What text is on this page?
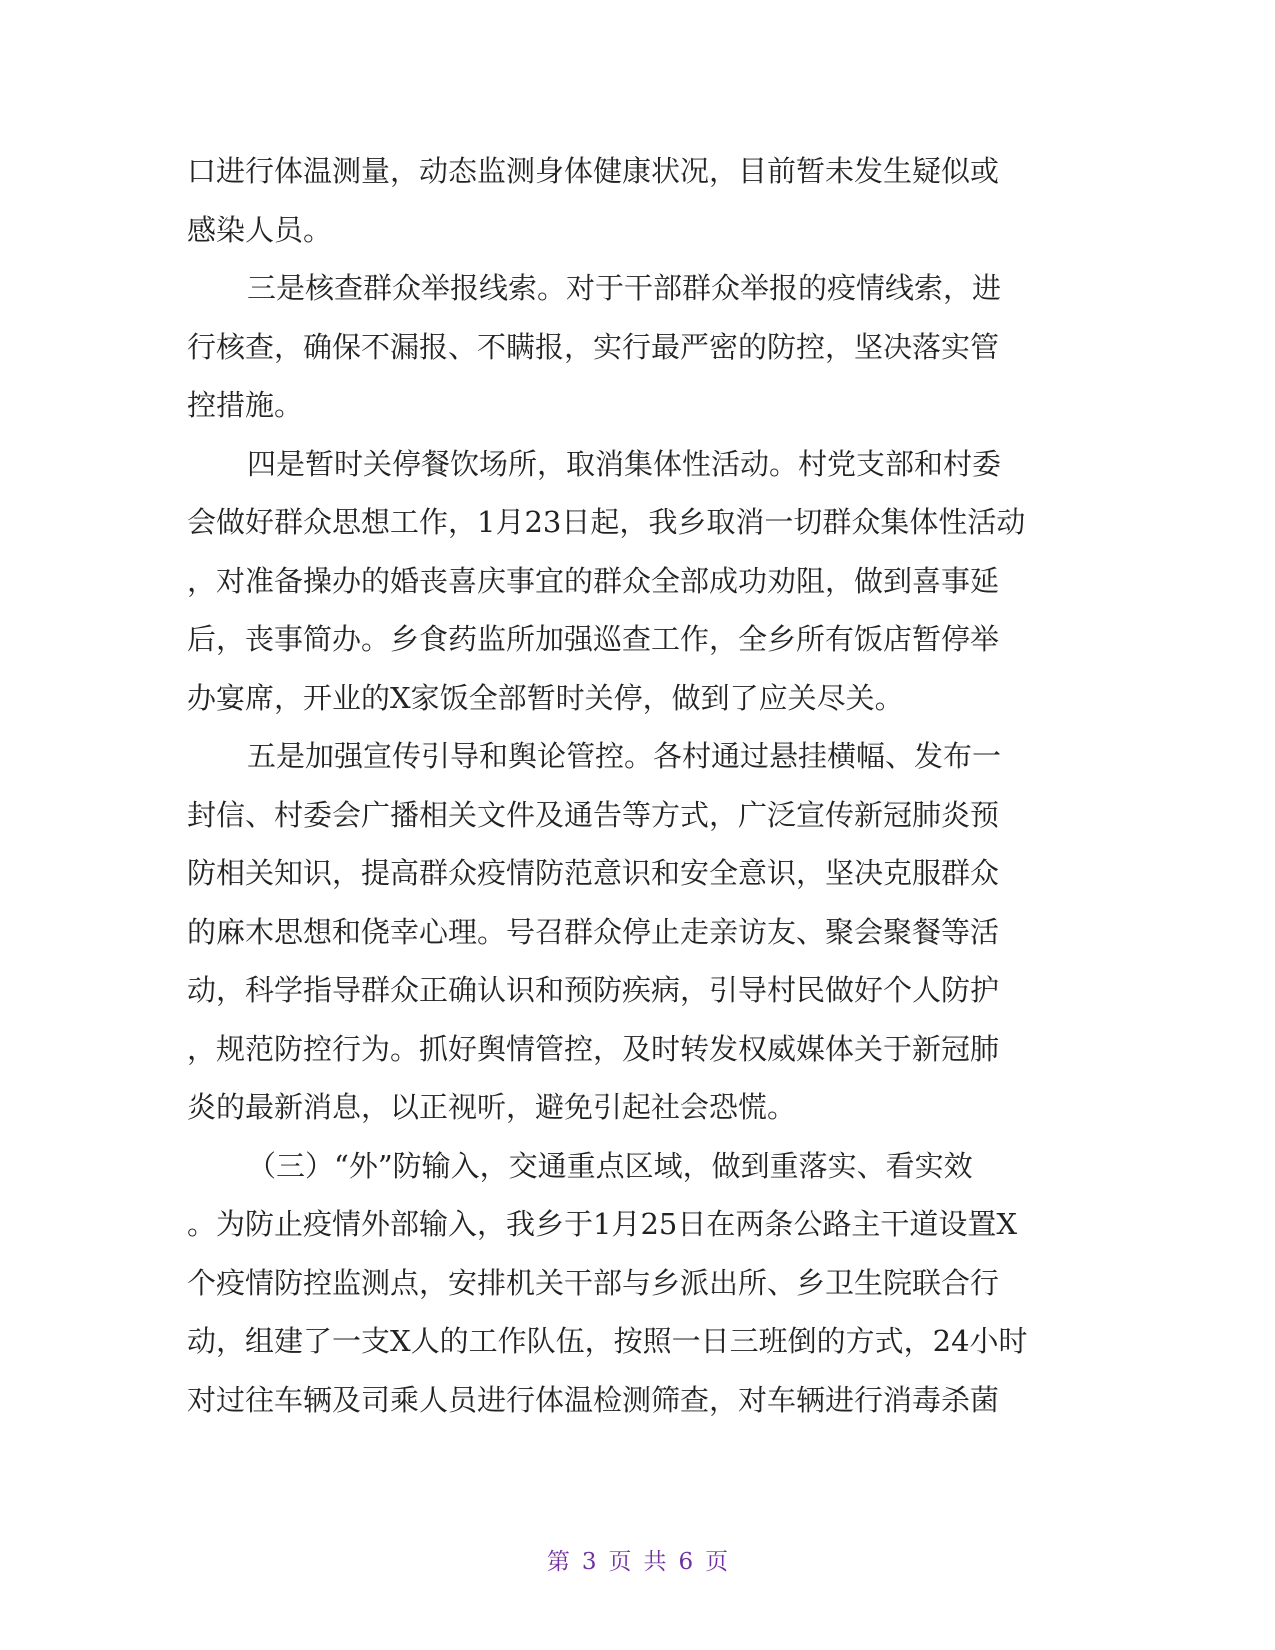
口进行体温测量，动态监测身体健康状况，目前暂未发生疑似或
感染人员。
三是核查群众举报线索。对于干部群众举报的疫情线索，进
行核查，确保不漏报、不瞒报，实行最严密的防控，坚决落实管
控措施。
四是暂时关停餐饮场所，取消集体性活动。村党支部和村委
会做好群众思想工作，1月23日起，我乡取消一切群众集体性活动
，对准备操办的婚丧喜庆事宜的群众全部成功劝阻，做到喜事延
后，丧事简办。乡食药监所加强巡查工作，全乡所有饭店暂停举
办宴席，开业的X家饭全部暂时关停，做到了应关尽关。
五是加强宣传引导和舆论管控。各村通过悬挂横幅、发布一
封信、村委会广播相关文件及通告等方式，广泛宣传新冠肺炎预
防相关知识，提高群众疫情防范意识和安全意识，坚决克服群众
的麻木思想和侥幸心理。号召群众停止走亲访友、聚会聚餐等活
动，科学指导群众正确认识和预防疾病，引导村民做好个人防护
，规范防控行为。抓好舆情管控，及时转发权威媒体关于新冠肺
炎的最新消息，以正视听，避免引起社会恐慌。
（三）“外”防输入，交通重点区域，做到重落实、看实效
。为防止疫情外部输入，我乡于1月25日在两条公路主干道设置X
个疫情防控监测点，安排机关干部与乡派出所、乡卫生院联合行
动，组建了一支X人的工作队伍，按照一日三班倒的方式，24小时
对过往车辆及司乘人员进行体温检测筛查，对车辆进行消毒杀菌
第 3 页 共 6 页
